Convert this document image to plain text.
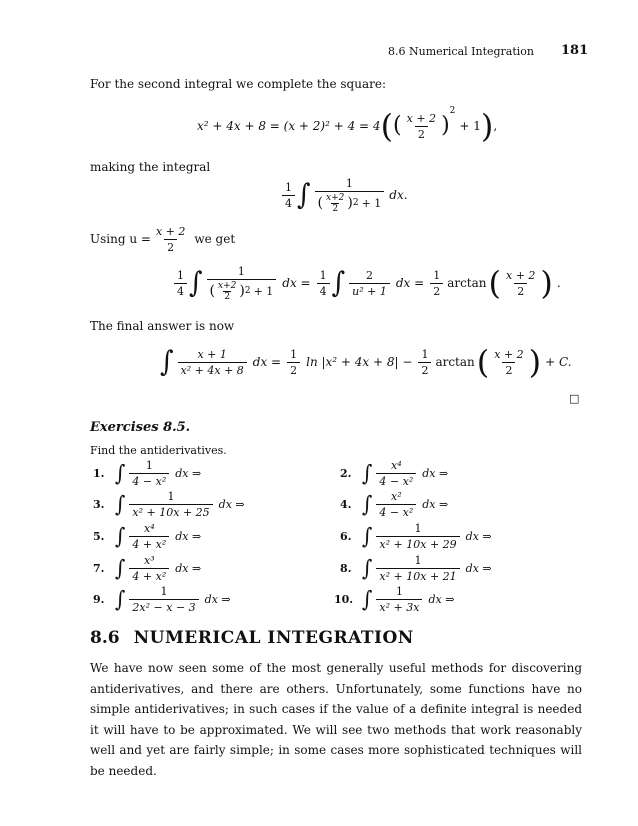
8.6 Numerical Integration 181
For the second integral we complete the square:
x² + 4x + 8 = (x + 2)² + 4 = 4 ( ( $\frac{x + 2}{2}$ )
$^2$
+ 1 ) ,
making the integral
$\frac{1}{4}$ ∫ $\frac{1}{( \frac{x+2}{2} ) 2 + 1}$ dx.
Using $u = \frac{x + 2}{2}$ we get
$\frac{1}{4}$ ∫ $\frac{1}{( \frac{x+2}{2} ) 2 + 1}$ dx = $\frac{1}{4}$ ∫ $\frac{2}{\text{u² + 1}}$ dx = $\frac{1}{2}$ arctan ( $\frac{x + 2}{2}$ ) .
The final answer is now
∫ $\frac{x + 1}{\text{x² + 4x + 8}}$ dx = $\frac{1}{2}$ $\ln |x^2 + 4x + 8| - \frac{1}{2}$ arctan ( $\frac{x + 2}{2}$ ) + C.
□
Exercises 8.5.
Find the antiderivatives.
1. ∫ $\frac{1}{\text{4 − x²}}$ dx ⇒
3. ∫ $\frac{1}{\text{x² + 10x + 25}}$ dx ⇒
5. ∫ $\frac{\text{x⁴}}{\text{4 + x²}}$ dx ⇒
7. ∫ $\frac{\text{x³}}{\text{4 + x²}}$ dx ⇒
9. ∫ $\frac{1}{\text{2x² − x − 3}}$ dx ⇒
2. ∫ $\frac{\text{x⁴}}{\text{4 − x²}}$ dx ⇒
4. ∫ $\frac{\text{x²}}{\text{4 − x²}}$ dx ⇒
6. ∫ $\frac{1}{\text{x² + 10x + 29}}$ dx ⇒
8. ∫ $\frac{1}{\text{x² + 10x + 21}}$ dx ⇒
10. ∫ $\frac{1}{\text{x² + 3x}}$ dx ⇒
8.6 NUMERICAL INTEGRATION
We have now seen some of the most generally useful methods for discovering antiderivatives, and there are others. Unfortunately, some functions have no simple antiderivatives; in such cases if the value of a definite integral is needed it will have to be approximated. We will see two methods that work reasonably well and yet are fairly simple; in some cases more sophisticated techniques will be needed.
